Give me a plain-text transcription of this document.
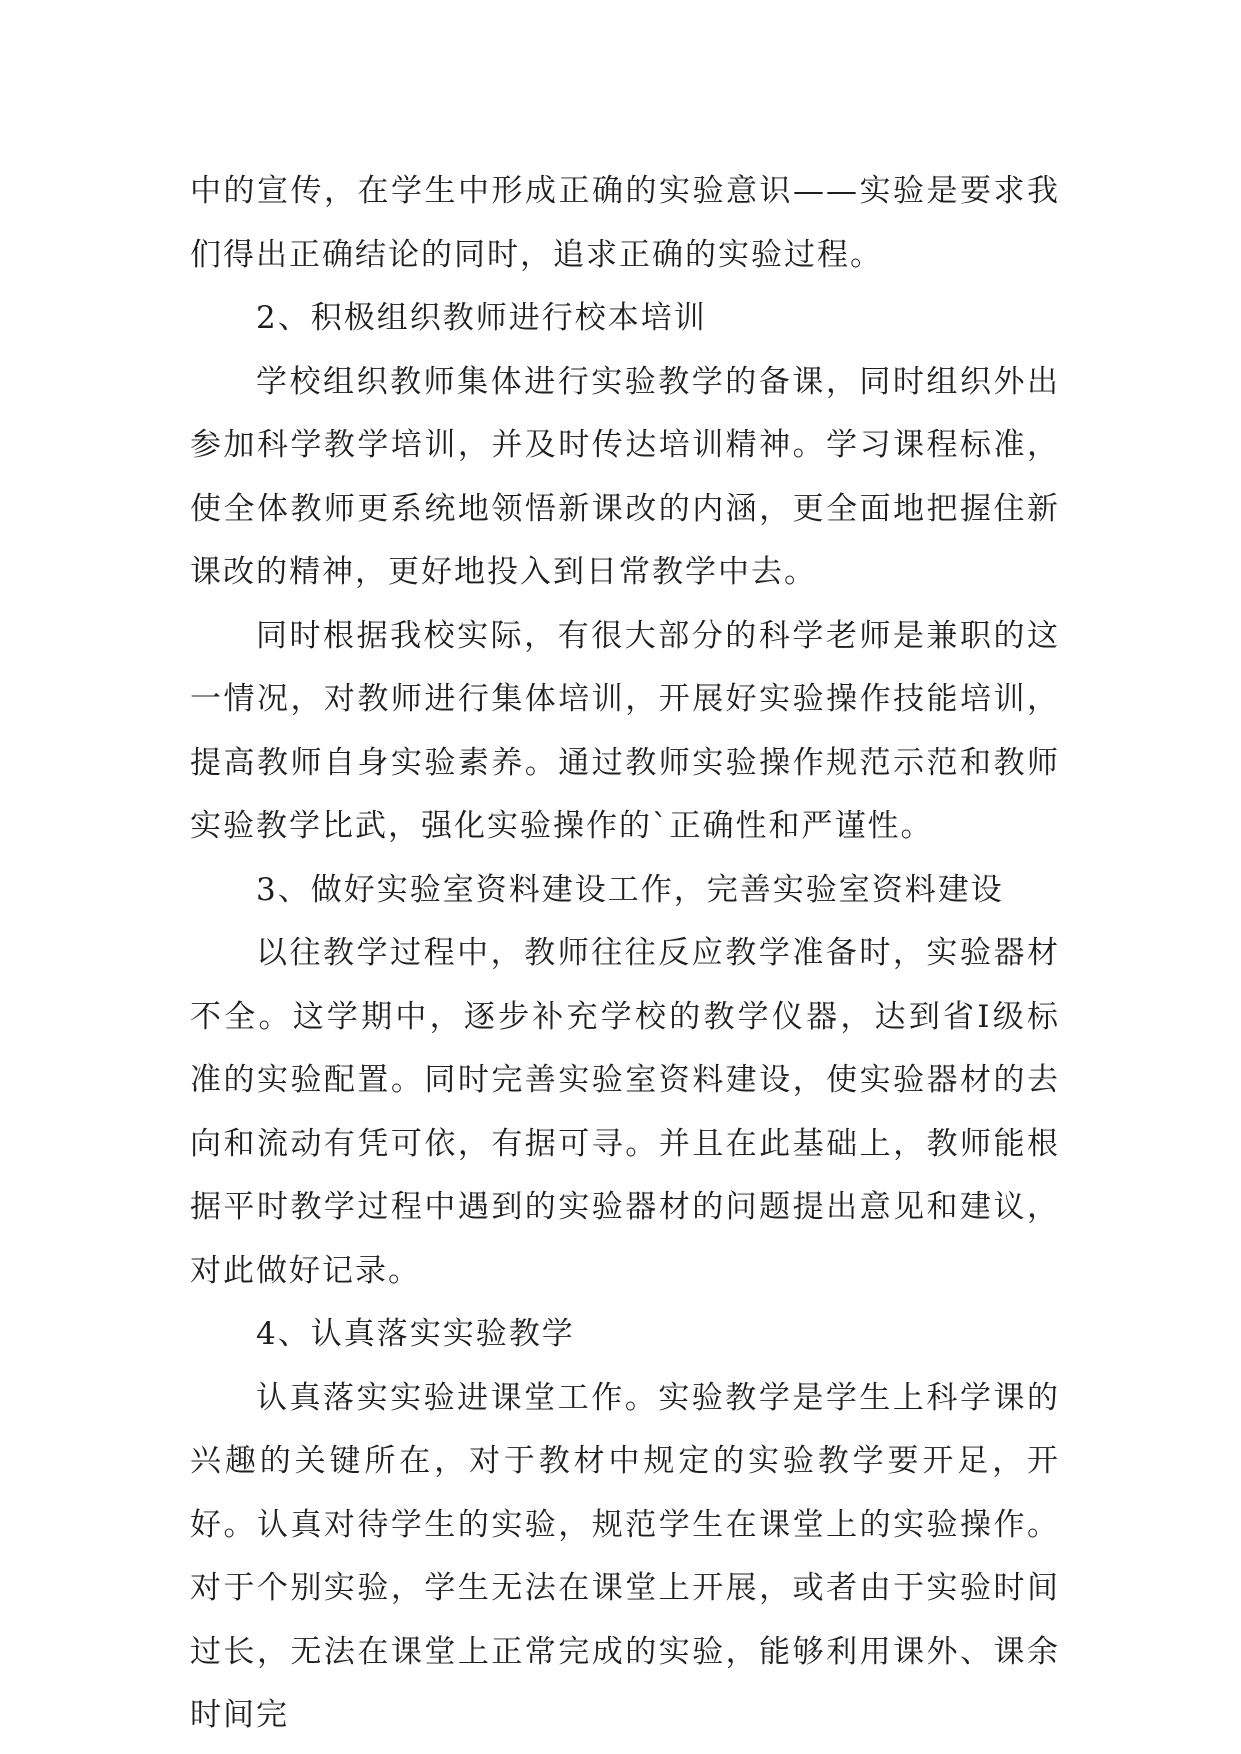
中的宣传，在学生中形成正确的实验意识——实验是要求我们得出正确结论的同时，追求正确的实验过程。

2、积极组织教师进行校本培训

学校组织教师集体进行实验教学的备课，同时组织外出参加科学教学培训，并及时传达培训精神。学习课程标准，使全体教师更系统地领悟新课改的内涵，更全面地把握住新课改的精神，更好地投入到日常教学中去。

同时根据我校实际，有很大部分的科学老师是兼职的这一情况，对教师进行集体培训，开展好实验操作技能培训，提高教师自身实验素养。通过教师实验操作规范示范和教师实验教学比武，强化实验操作的`正确性和严谨性。

3、做好实验室资料建设工作，完善实验室资料建设

以往教学过程中，教师往往反应教学准备时，实验器材不全。这学期中，逐步补充学校的教学仪器，达到省Ⅰ级标准的实验配置。同时完善实验室资料建设，使实验器材的去向和流动有凭可依，有据可寻。并且在此基础上，教师能根据平时教学过程中遇到的实验器材的问题提出意见和建议，对此做好记录。

4、认真落实实验教学

认真落实实验进课堂工作。实验教学是学生上科学课的兴趣的关键所在，对于教材中规定的实验教学要开足，开好。认真对待学生的实验，规范学生在课堂上的实验操作。对于个别实验，学生无法在课堂上开展，或者由于实验时间过长，无法在课堂上正常完成的实验，能够利用课外、课余时间完
